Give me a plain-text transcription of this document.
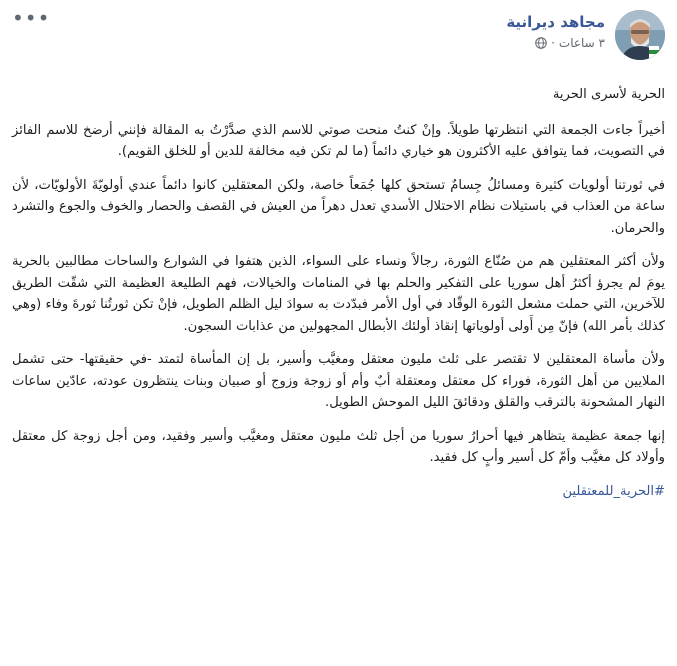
•••	مجاهد ديرانية
٣ ساعات
·

الحرية لأسرى الحرية

أخيراً جاءت الجمعة التي انتظرتها طويلاً. وإنْ كنتُ منحت صوتي للاسم الذي صدَّرْتُ به المقالة فإنني أرضخ للاسم الفائز في التصويت، فما يتوافق عليه الأكثرون هو خياري دائماً (ما لم تكن فيه مخالفة للدين أو للخلق القويم).

في ثورتنا أولويات كثيرة ومسائلُ جِسامٌ تستحق كلها جُمَعاً خاصة، ولكن المعتقلين كانوا دائماً عندي أولويّةَ الأولويّات، لأن ساعة من العذاب في باستيلات نظام الاحتلال الأسدي تعدل دهراً من العيش في القصف والحصار والخوف والجوع والتشرد والحرمان.

ولأن أكثر المعتقلين هم من صُنّاع الثورة، رجالاً ونساء على السواء، الذين هتفوا في الشوارع والساحات مطالبين بالحرية يومَ لم يجرؤ أكثرُ أهل سوريا على التفكير والحلم بها في المنامات والخيالات، فهم الطليعة العظيمة التي شقّت الطريق للآخرين، التي حملت مشعل الثورة الوقّاد في أول الأمر فبدّدت به سوادَ ليل الظلم الطويل، فإنْ تكن ثورتُنا ثورةَ وفاء (وهي كذلك بأمر الله) فإنّ مِن أَولى أولوياتها إنقاذ أولئك الأبطال المجهولين من عذابات السجون.

ولأن مأساة المعتقلين لا تقتصر على ثلث مليون معتقل ومغيَّب وأسير، بل إن المأساة لتمتد -في حقيقتها- حتى تشمل الملايين من أهل الثورة، فوراء كل معتقل ومعتقلة أبٌ وأم أو زوجة وزوج أو صبيان وبنات ينتظرون عودته، عادّين ساعات النهار المشحونة بالترقب والقلق ودقائقَ الليل الموحش الطويل.

إنها جمعة عظيمة يتظاهر فيها أحرارُ سوريا من أجل ثلث مليون معتقل ومغيَّب وأسير وفقيد، ومن أجل زوجة كل معتقل وأولاد كل مغيَّب وأمّ كل أسير وأبٍ كل فقيد.

#الحرية_للمعتقلين
